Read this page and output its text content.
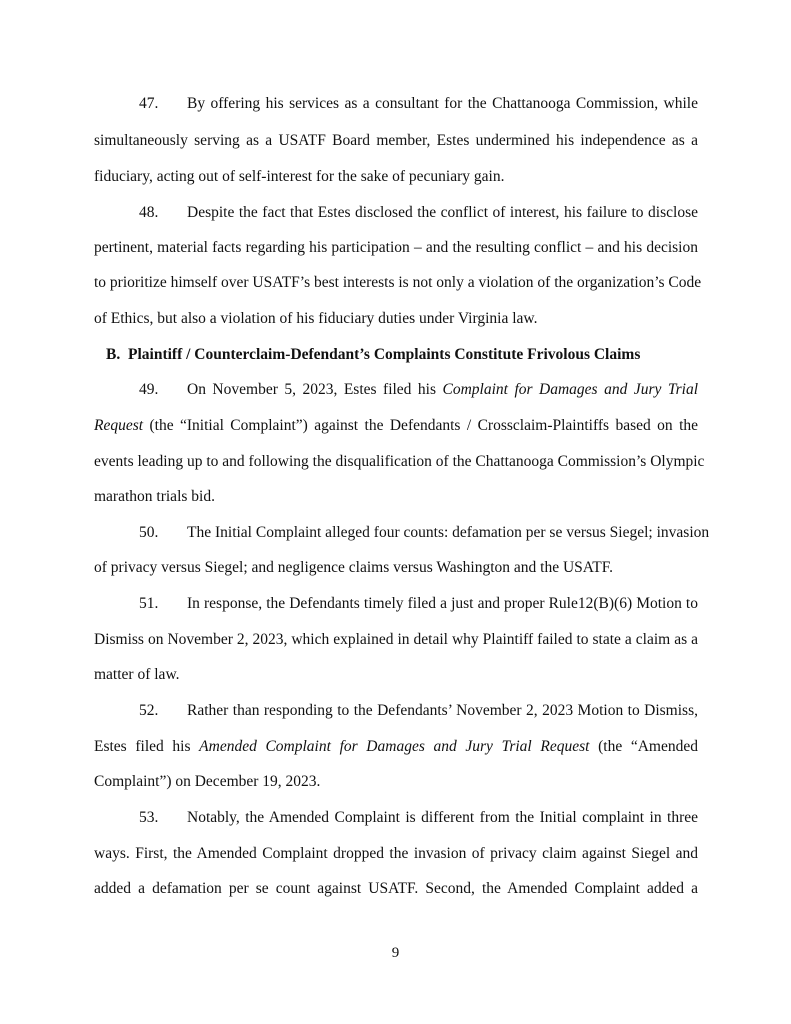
47. By offering his services as a consultant for the Chattanooga Commission, while
simultaneously serving as a USATF Board member, Estes undermined his independence as a
fiduciary, acting out of self-interest for the sake of pecuniary gain.
48. Despite the fact that Estes disclosed the conflict of interest, his failure to disclose
pertinent, material facts regarding his participation – and the resulting conflict – and his decision
to prioritize himself over USATF’s best interests is not only a violation of the organization’s Code
of Ethics, but also a violation of his fiduciary duties under Virginia law.
B. Plaintiff / Counterclaim-Defendant’s Complaints Constitute Frivolous Claims
49. On November 5, 2023, Estes filed his Complaint for Damages and Jury Trial
Request (the “Initial Complaint”) against the Defendants / Crossclaim-Plaintiffs based on the
events leading up to and following the disqualification of the Chattanooga Commission’s Olympic
marathon trials bid.
50. The Initial Complaint alleged four counts: defamation per se versus Siegel; invasion
of privacy versus Siegel; and negligence claims versus Washington and the USATF.
51. In response, the Defendants timely filed a just and proper Rule12(B)(6) Motion to
Dismiss on November 2, 2023, which explained in detail why Plaintiff failed to state a claim as a
matter of law.
52. Rather than responding to the Defendants’ November 2, 2023 Motion to Dismiss,
Estes filed his Amended Complaint for Damages and Jury Trial Request (the “Amended
Complaint”) on December 19, 2023.
53. Notably, the Amended Complaint is different from the Initial complaint in three
ways. First, the Amended Complaint dropped the invasion of privacy claim against Siegel and
added a defamation per se count against USATF. Second, the Amended Complaint added a
9
